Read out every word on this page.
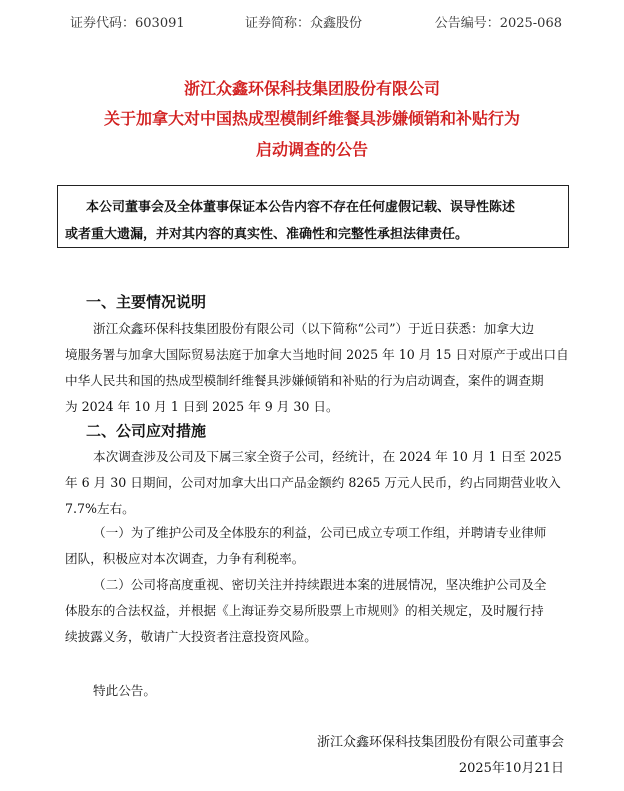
证券代码：603091	证券简称：众鑫股份	公告编号：2025-068
浙江众鑫环保科技集团股份有限公司
关于加拿大对中国热成型模制纤维餐具涉嫌倾销和补贴行为
启动调查的公告

本公司董事会及全体董事保证本公告内容不存在任何虚假记载、误导性陈述

或者重大遗漏，并对其内容的真实性、准确性和完整性承担法律责任。

一、主要情况说明
浙江众鑫环保科技集团股份有限公司（以下简称“公司”）于近日获悉：加拿大边
境服务署与加拿大国际贸易法庭于加拿大当地时间 2025 年 10 月 15 日对原产于或出口自
中华人民共和国的热成型模制纤维餐具涉嫌倾销和补贴的行为启动调查，案件的调查期
为 2024 年 10 月 1 日到 2025 年 9 月 30 日。
二、公司应对措施
本次调查涉及公司及下属三家全资子公司，经统计，在 2024 年 10 月 1 日至 2025
年 6 月 30 日期间，公司对加拿大出口产品金额约 8265 万元人民币，约占同期营业收入
7.7%左右。
（一）为了维护公司及全体股东的利益，公司已成立专项工作组，并聘请专业律师
团队，积极应对本次调查，力争有利税率。
（二）公司将高度重视、密切关注并持续跟进本案的进展情况，坚决维护公司及全
体股东的合法权益，并根据《上海证券交易所股票上市规则》的相关规定，及时履行持
续披露义务，敬请广大投资者注意投资风险。
特此公告。
浙江众鑫环保科技集团股份有限公司董事会
2025年10月21日
